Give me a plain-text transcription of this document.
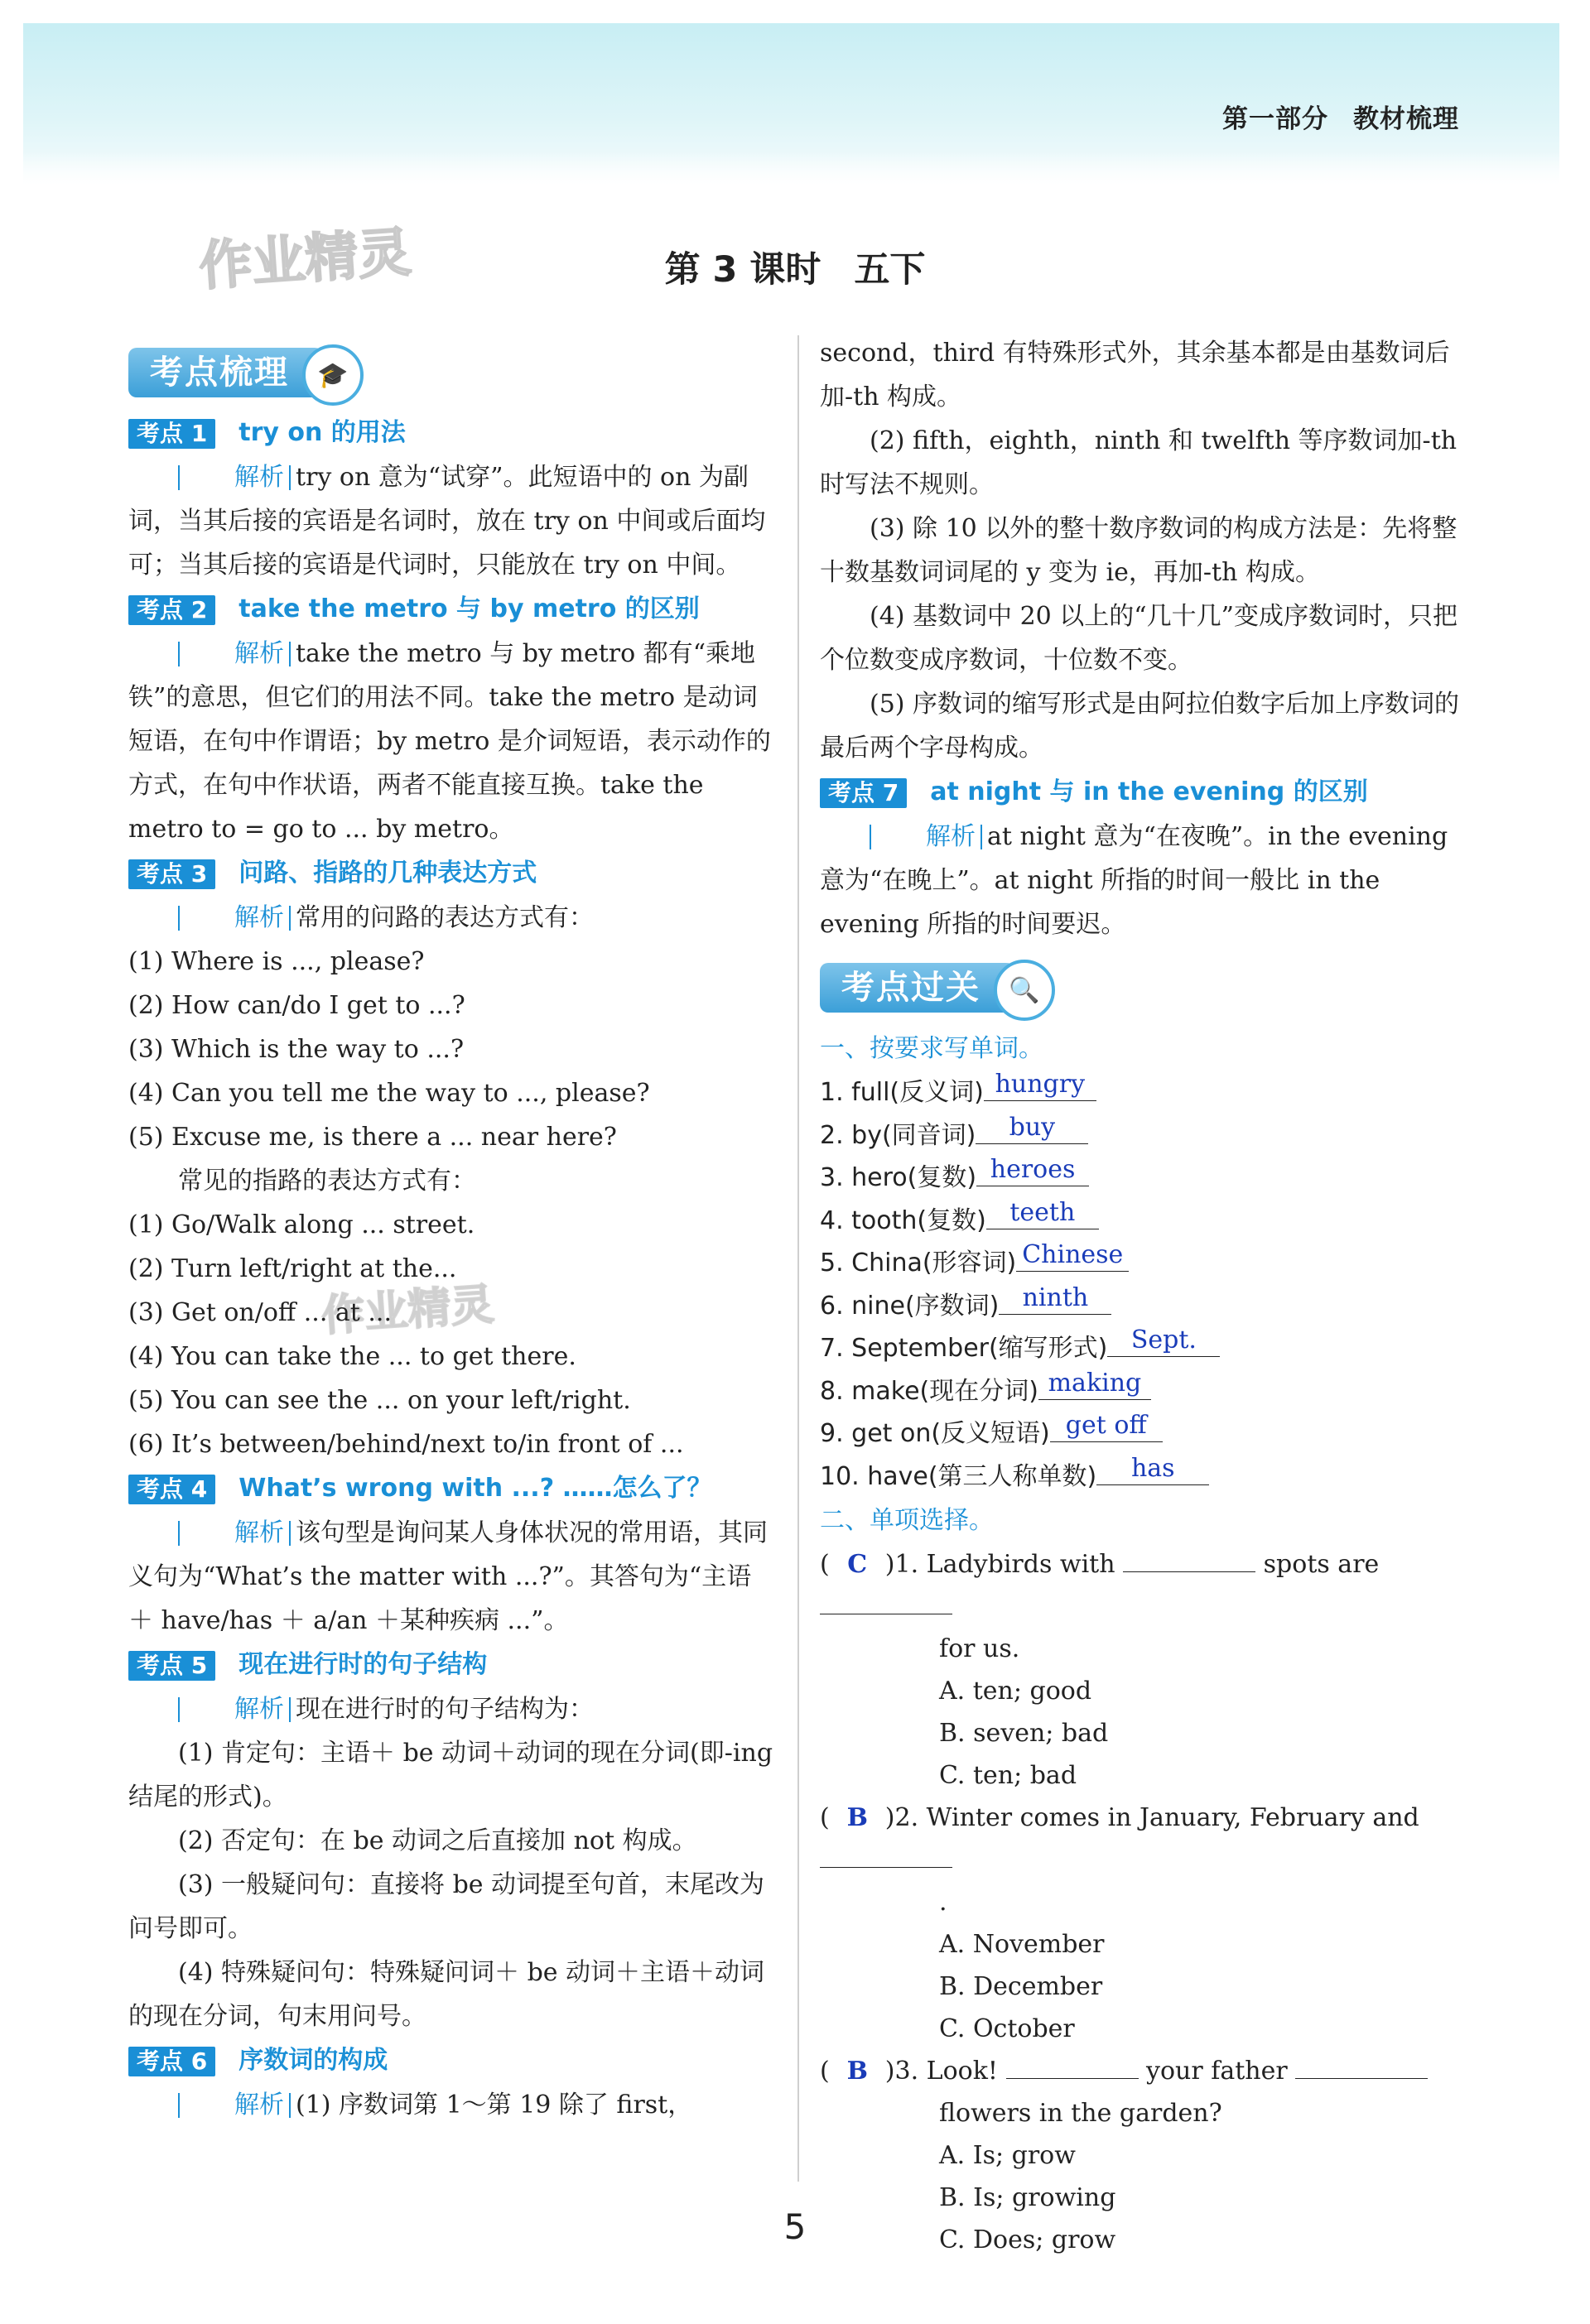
第一部分 教材梳理
作业精灵
作业精灵
第 3 课时 五下
考点梳理	🎓
考点 1 try on 的用法

解析 try on 意为“试穿”。此短语中的 on 为副词，当其后接的宾语是名词时，放在 try on 中间或后面均可；当其后接的宾语是代词时，只能放在 try on 中间。

考点 2 take the metro 与 by metro 的区别

解析 take the metro 与 by metro 都有“乘地铁”的意思，但它们的用法不同。take the metro 是动词短语，在句中作谓语；by metro 是介词短语，表示动作的方式，在句中作状语，两者不能直接互换。take the metro to = go to ... by metro。

考点 3 问路、指路的几种表达方式

解析 常用的问路的表达方式有：

(1) Where is ..., please?

(2) How can/do I get to ...?

(3) Which is the way to ...?

(4) Can you tell me the way to ..., please?

(5) Excuse me, is there a ... near here?

常见的指路的表达方式有：

(1) Go/Walk along ... street.

(2) Turn left/right at the...

(3) Get on/off ... at ...

(4) You can take the ... to get there.

(5) You can see the ... on your left/right.

(6) It’s between/behind/next to/in front of ...

考点 4 What’s wrong with ...? ……怎么了？

解析 该句型是询问某人身体状况的常用语，其同义句为“What’s the matter with ...?”。其答句为“主语＋ have/has ＋ a/an ＋某种疾病 ...”。

考点 5 现在进行时的句子结构

解析 现在进行时的句子结构为：

(1) 肯定句：主语＋ be 动词＋动词的现在分词(即-ing 结尾的形式)。

(2) 否定句：在 be 动词之后直接加 not 构成。

(3) 一般疑问句：直接将 be 动词提至句首，末尾改为问号即可。

(4) 特殊疑问句：特殊疑问词＋ be 动词＋主语＋动词的现在分词，句末用问号。

考点 6 序数词的构成

解析 (1) 序数词第 1～第 19 除了 first，

second，third 有特殊形式外，其余基本都是由基数词后加-th 构成。

(2) fifth，eighth，ninth 和 twelfth 等序数词加-th 时写法不规则。

(3) 除 10 以外的整十数序数词的构成方法是：先将整十数基数词词尾的 y 变为 ie，再加-th 构成。

(4) 基数词中 20 以上的“几十几”变成序数词时，只把个位数变成序数词，十位数不变。

(5) 序数词的缩写形式是由阿拉伯数字后加上序数词的最后两个字母构成。

考点 7 at night 与 in the evening 的区别

解析 at night 意为“在夜晚”。in the evening 意为“在晚上”。at night 所指的时间一般比 in the evening 所指的时间要迟。

考点过关	🔍
一、按要求写单词。
1. full(反义词) hungry
2. by(同音词) buy
3. hero(复数) heroes
4. tooth(复数) teeth
5. China(形容词) Chinese
6. nine(序数词) ninth
7. September(缩写形式) Sept.
8. make(现在分词) making
9. get on(反义短语) get off
10. have(第三人称单数) has
二、单项选择。
( C )1. Ladybirds with	spots are
for us.
A. ten; good
B. seven; bad
C. ten; bad
( B )2. Winter comes in January, February and
.
A. November
B. December
C. October
( B )3. Look!	your father
flowers in the garden?
A. Is; grow
B. Is; growing
C. Does; grow
5
